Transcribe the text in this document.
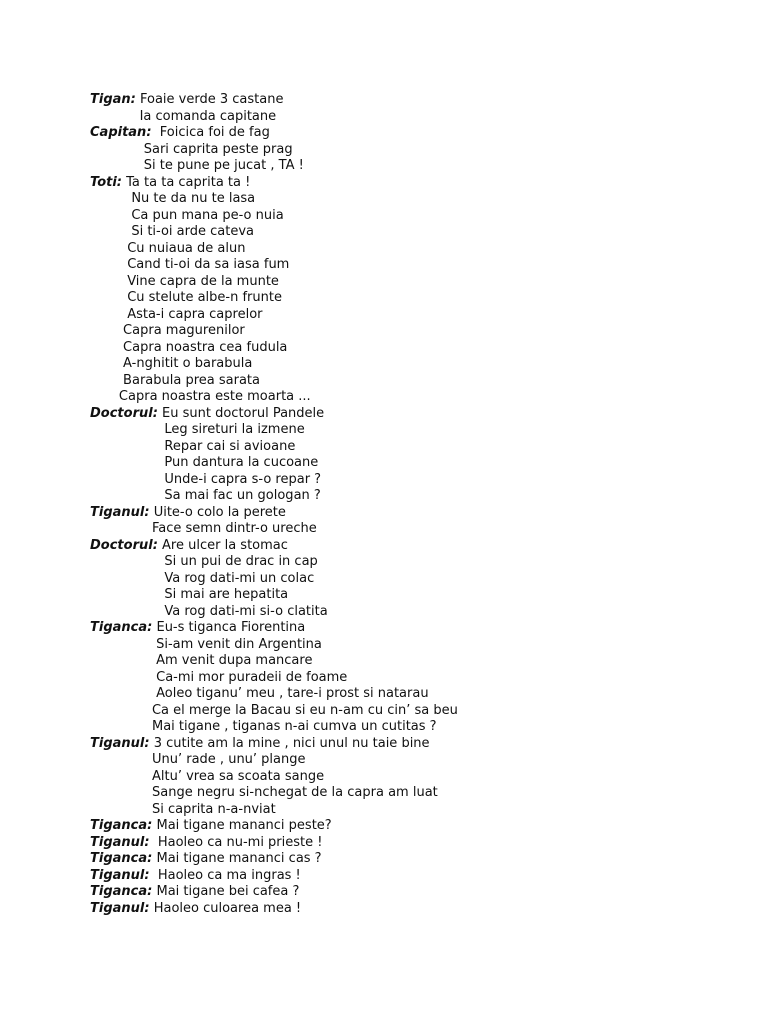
Tigan: Foaie verde 3 castane
Ia comanda capitane
Capitan:  Foicica foi de fag
Sari caprita peste prag
Si te pune pe jucat , TA !
Toti: Ta ta ta caprita ta !
Nu te da nu te lasa
Ca pun mana pe-o nuia
Si ti-oi arde cateva
Cu nuiaua de alun
Cand ti-oi da sa iasa fum
Vine capra de la munte
Cu stelute albe-n frunte
Asta-i capra caprelor
Capra magurenilor
Capra noastra cea fudula
A-nghitit o barabula
Barabula prea sarata
Capra noastra este moarta ...
Doctorul: Eu sunt doctorul Pandele
Leg sireturi la izmene
Repar cai si avioane
Pun dantura la cucoane
Unde-i capra s-o repar ?
Sa mai fac un gologan ?
Tiganul: Uite-o colo la perete
Face semn dintr-o ureche
Doctorul: Are ulcer la stomac
Si un pui de drac in cap
Va rog dati-mi un colac
Si mai are hepatita
Va rog dati-mi si-o clatita
Tiganca: Eu-s tiganca Fiorentina
Si-am venit din Argentina
Am venit dupa mancare
Ca-mi mor puradeii de foame
Aoleo tiganu’ meu , tare-i prost si natarau
Ca el merge la Bacau si eu n-am cu cin’ sa beu
Mai tigane , tiganas n-ai cumva un cutitas ?
Tiganul: 3 cutite am la mine , nici unul nu taie bine
Unu’ rade , unu’ plange
Altu’ vrea sa scoata sange
Sange negru si-nchegat de la capra am luat
Si caprita n-a-nviat
Tiganca: Mai tigane mananci peste?
Tiganul:  Haoleo ca nu-mi prieste !
Tiganca: Mai tigane mananci cas ?
Tiganul:  Haoleo ca ma ingras !
Tiganca: Mai tigane bei cafea ?
Tiganul: Haoleo culoarea mea !
